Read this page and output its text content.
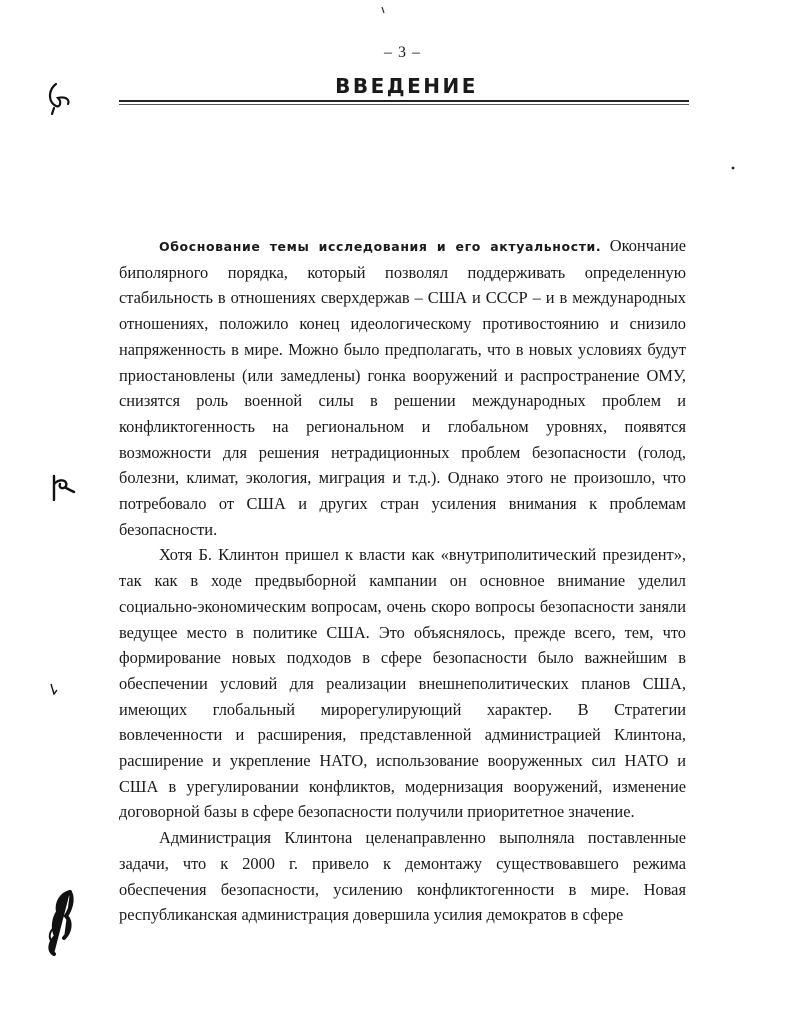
– 3 –
ВВЕДЕНИЕ

Обоснование темы исследования и его актуальности. Окончание биполярного порядка, который позволял поддерживать определенную стабильность в отношениях сверхдержав – США и СССР – и в международных отношениях, положило конец идеологическому противостоянию и снизило напряженность в мире. Можно было предполагать, что в новых условиях будут приостановлены (или замедлены) гонка вооружений и распространение ОМУ, снизятся роль военной силы в решении международных проблем и конфликтогенность на региональном и глобальном уровнях, появятся возможности для решения нетрадиционных проблем безопасности (голод, болезни, климат, экология, миграция и т.д.). Однако этого не произошло, что потребовало от США и других стран усиления внимания к проблемам безопасности.

Хотя Б. Клинтон пришел к власти как «внутриполитический президент», так как в ходе предвыборной кампании он основное внимание уделил социально-экономическим вопросам, очень скоро вопросы безопасности заняли ведущее место в политике США. Это объяснялось, прежде всего, тем, что формирование новых подходов в сфере безопасности было важнейшим в обеспечении условий для реализации внешнеполитических планов США, имеющих глобальный мирорегулирующий характер. В Стратегии вовлеченности и расширения, представленной администрацией Клинтона, расширение и укрепление НАТО, использование вооруженных сил НАТО и США в урегулировании конфликтов, модернизация вооружений, изменение договорной базы в сфере безопасности получили приоритетное значение.

Администрация Клинтона целенаправленно выполняла поставленные задачи, что к 2000 г. привело к демонтажу существовавшего режима обеспечения безопасности, усилению конфликтогенности в мире. Новая республиканская администрация довершила усилия демократов в сфере
